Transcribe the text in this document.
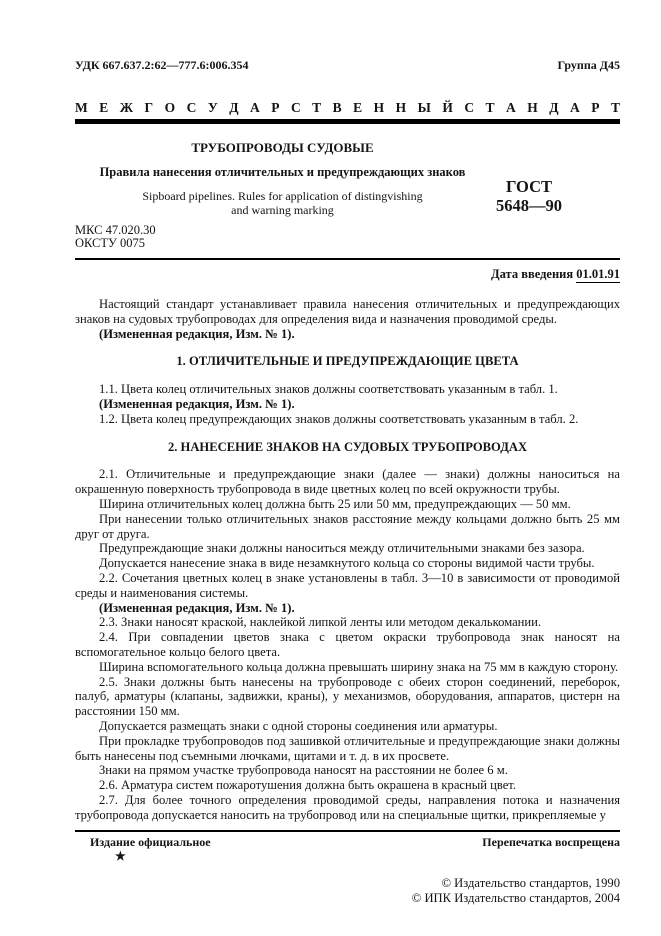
УДК 667.637.2:62—777.6:006.354	Группа Д45
М Е Ж Г О С У Д А Р С Т В Е Н Н Ы Й С Т А Н Д А Р Т
ТРУБОПРОВОДЫ СУДОВЫЕ
Правила нанесения отличительных и предупреждающих знаков
Sipboard pipelines. Rules for application of distingvishing
and warning marking
МКС 47.020.30
ОКСТУ 0075
ГОСТ
5648—90
Дата введения 01.01.91

Настоящий стандарт устанавливает правила нанесения отличительных и предупреждающих знаков на судовых трубопроводах для определения вида и назначения проводимой среды.

(Измененная редакция, Изм. № 1).

1. ОТЛИЧИТЕЛЬНЫЕ И ПРЕДУПРЕЖДАЮЩИЕ ЦВЕТА

1.1. Цвета колец отличительных знаков должны соответствовать указанным в табл. 1.

(Измененная редакция, Изм. № 1).

1.2. Цвета колец предупреждающих знаков должны соответствовать указанным в табл. 2.

2. НАНЕСЕНИЕ ЗНАКОВ НА СУДОВЫХ ТРУБОПРОВОДАХ

2.1. Отличительные и предупреждающие знаки (далее — знаки) должны наноситься на окрашенную поверхность трубопровода в виде цветных колец по всей окружности трубы.

Ширина отличительных колец должна быть 25 или 50 мм, предупреждающих — 50 мм.

При нанесении только отличительных знаков расстояние между кольцами должно быть 25 мм друг от друга.

Предупреждающие знаки должны наноситься между отличительными знаками без зазора.

Допускается нанесение знака в виде незамкнутого кольца со стороны видимой части трубы.

2.2. Сочетания цветных колец в знаке установлены в табл. 3—10 в зависимости от проводимой среды и наименования системы.

(Измененная редакция, Изм. № 1).

2.3. Знаки наносят краской, наклейкой липкой ленты или методом декалькомании.

2.4. При совпадении цветов знака с цветом окраски трубопровода знак наносят на вспомогательное кольцо белого цвета.

Ширина вспомогательного кольца должна превышать ширину знака на 75 мм в каждую сторону.

2.5. Знаки должны быть нанесены на трубопроводе с обеих сторон соединений, переборок, палуб, арматуры (клапаны, задвижки, краны), у механизмов, оборудования, аппаратов, цистерн на расстоянии 150 мм.

Допускается размещать знаки с одной стороны соединения или арматуры.

При прокладке трубопроводов под зашивкой отличительные и предупреждающие знаки должны быть нанесены под съемными лючками, щитами и т. д. в их просвете.

Знаки на прямом участке трубопровода наносят на расстоянии не более 6 м.

2.6. Арматура систем пожаротушения должна быть окрашена в красный цвет.

2.7. Для более точного определения проводимой среды, направления потока и назначения трубопровода допускается наносить на трубопровод или на специальные щитки, прикрепляемые у

Издание официальное
★
Перепечатка воспрещена
© Издательство стандартов, 1990
© ИПК Издательство стандартов, 2004
